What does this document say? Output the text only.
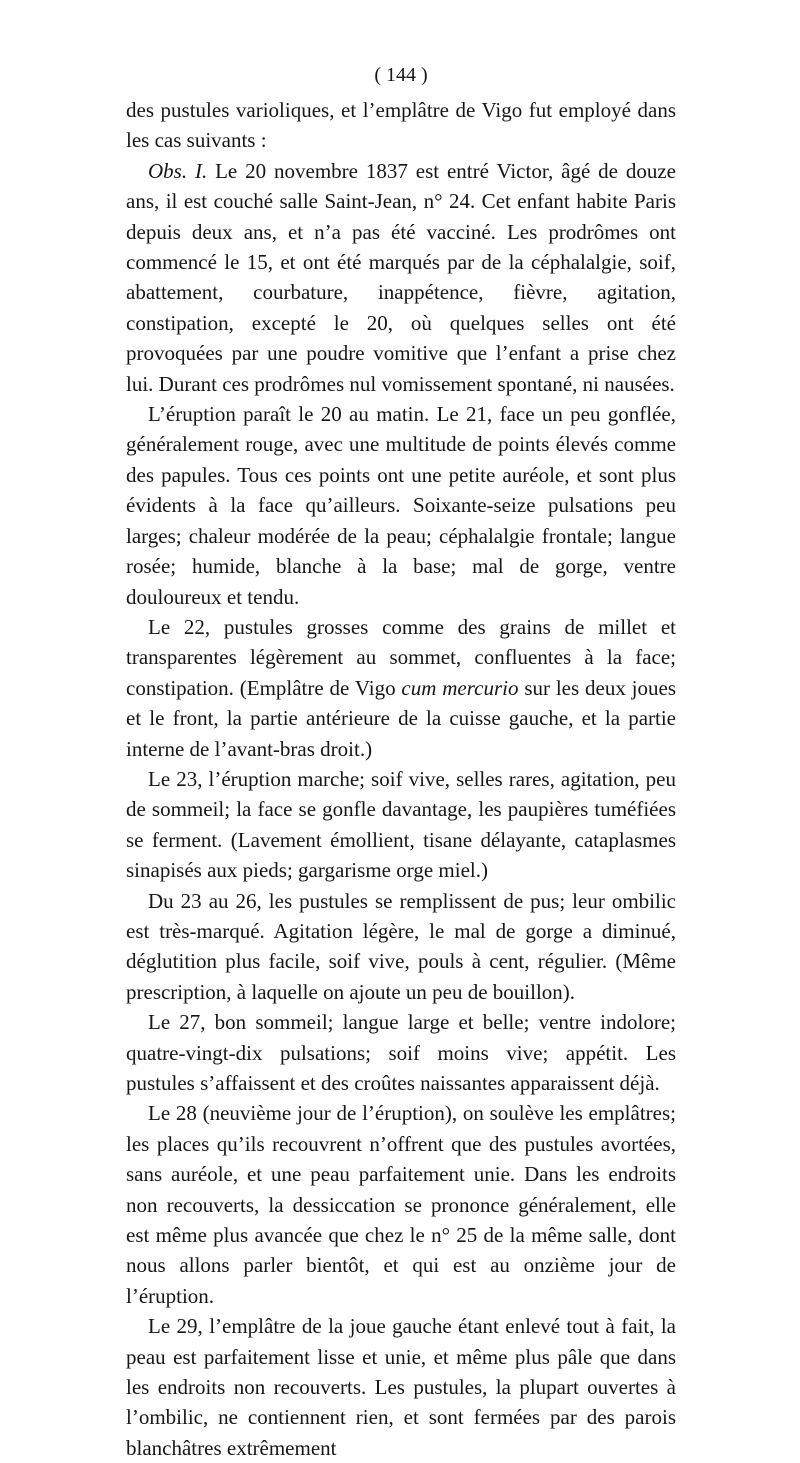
( 144 )

des pustules varioliques, et l’emplâtre de Vigo fut employé dans les cas suivants :

Obs. I. Le 20 novembre 1837 est entré Victor, âgé de douze ans, il est couché salle Saint-Jean, n° 24. Cet enfant habite Paris depuis deux ans, et n’a pas été vacciné. Les prodrômes ont commencé le 15, et ont été marqués par de la céphalalgie, soif, abattement, courbature, inappétence, fièvre, agitation, constipation, excepté le 20, où quelques selles ont été provoquées par une poudre vomitive que l’enfant a prise chez lui. Durant ces prodrômes nul vomissement spontané, ni nausées.

L’éruption paraît le 20 au matin. Le 21, face un peu gonflée, généralement rouge, avec une multitude de points élevés comme des papules. Tous ces points ont une petite auréole, et sont plus évidents à la face qu’ailleurs. Soixante-seize pulsations peu larges; chaleur modérée de la peau; céphalalgie frontale; langue rosée; humide, blanche à la base; mal de gorge, ventre douloureux et tendu.

Le 22, pustules grosses comme des grains de millet et transparentes légèrement au sommet, confluentes à la face; constipation. (Emplâtre de Vigo cum mercurio sur les deux joues et le front, la partie antérieure de la cuisse gauche, et la partie interne de l’avant-bras droit.)

Le 23, l’éruption marche; soif vive, selles rares, agitation, peu de sommeil; la face se gonfle davantage, les paupières tuméfiées se ferment. (Lavement émollient, tisane délayante, cataplasmes sinapisés aux pieds; gargarisme orge miel.)

Du 23 au 26, les pustules se remplissent de pus; leur ombilic est très-marqué. Agitation légère, le mal de gorge a diminué, déglutition plus facile, soif vive, pouls à cent, régulier. (Même prescription, à laquelle on ajoute un peu de bouillon).

Le 27, bon sommeil; langue large et belle; ventre indolore; quatre-vingt-dix pulsations; soif moins vive; appétit. Les pustules s’affaissent et des croûtes naissantes apparaissent déjà.

Le 28 (neuvième jour de l’éruption), on soulève les emplâtres; les places qu’ils recouvrent n’offrent que des pustules avortées, sans auréole, et une peau parfaitement unie. Dans les endroits non recouverts, la dessiccation se prononce généralement, elle est même plus avancée que chez le n° 25 de la même salle, dont nous allons parler bientôt, et qui est au onzième jour de l’éruption.

Le 29, l’emplâtre de la joue gauche étant enlevé tout à fait, la peau est parfaitement lisse et unie, et même plus pâle que dans les endroits non recouverts. Les pustules, la plupart ouvertes à l’ombilic, ne contiennent rien, et sont fermées par des parois blanchâtres extrêmement
